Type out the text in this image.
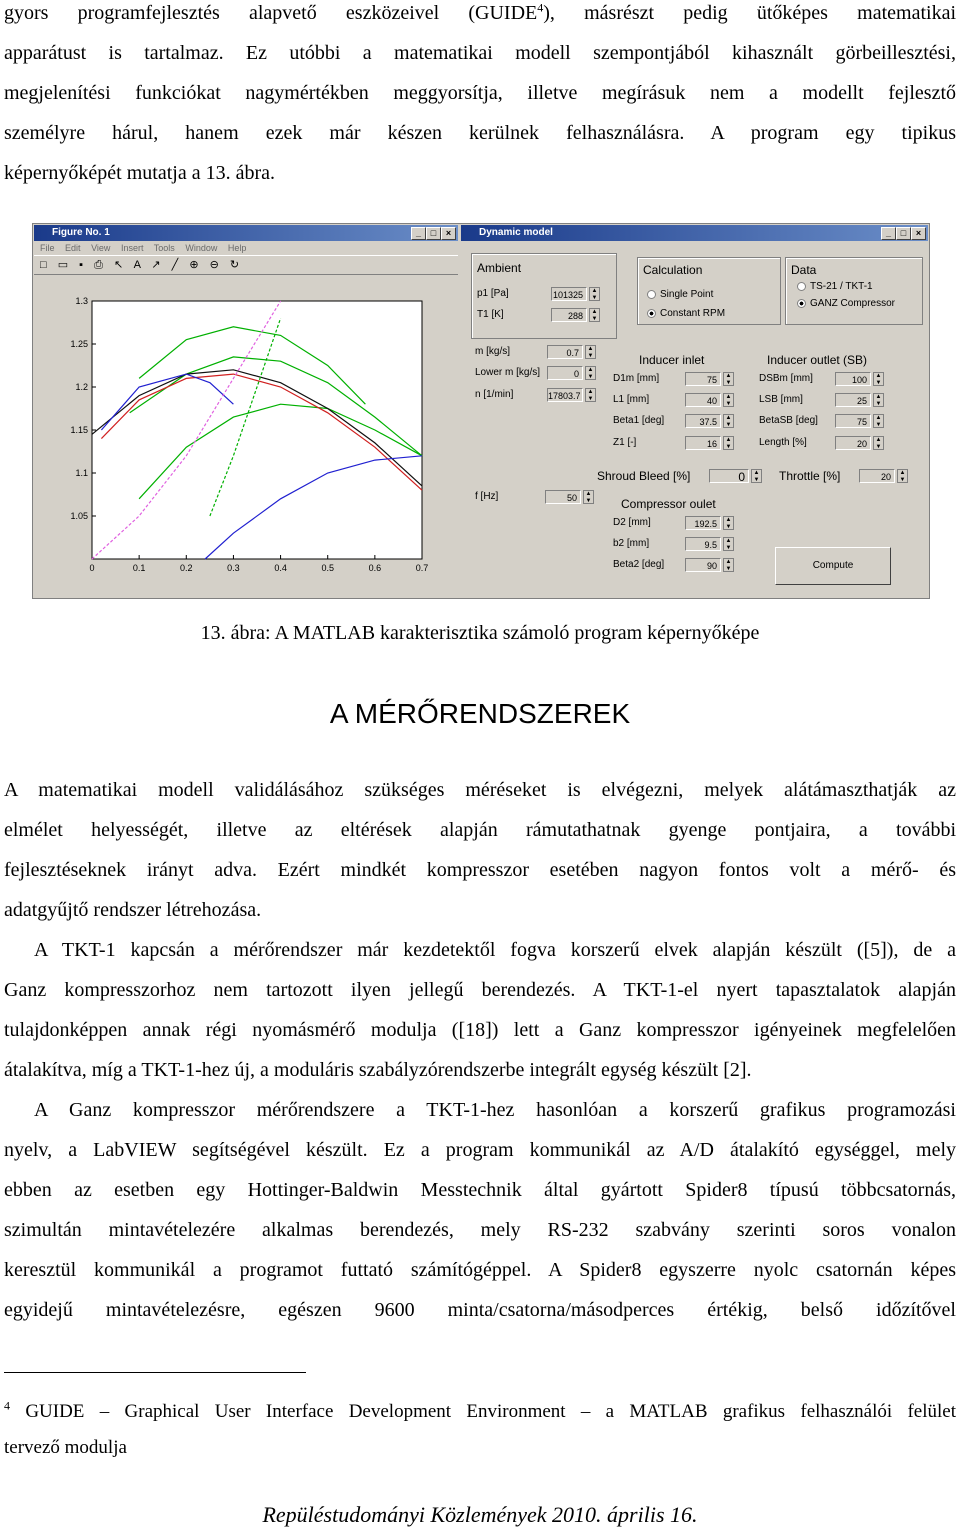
gyors programfejlesztés alapvető eszközeivel (GUIDE$^4$), másrészt pedig ütőképes matematikai
apparátust is tartalmaz. Ez utóbbi a matematikai modell szempontjából kihasznált görbeillesztési,
megjelenítési funkciókat nagymértékben meggyorsítja, illetve megírásuk nem a modellt fejlesztő
személyre hárul, hanem ezek már készen kerülnek felhasználásra. A program egy tipikus
képernyőképét mutatja a 13. ábra.
Figure No. 1	_	□	×
File Edit View Insert Tools Window Help
□ ▭ ▪ ⎙ ↖ A ↗ ╱ ⊕ ⊖ ↻
0	0.1	0.2	0.3	0.4	0.5	0.6	0.7
1.05
1.1
1.15
1.2
1.25
1.3
Dynamic model	_	□	×
Ambient
p1 [Pa]	101325	▲
▼
T1 [K]	288	▲
▼
Calculation
Single Point
Constant RPM
Data
TS-21 / TKT-1
GANZ Compressor
m [kg/s]	0.7	▲
▼
Lower m [kg/s]	0	▲
▼
n [1/min]	17803.7	▲
▼
Inducer inlet
D1m [mm]	75	▲
▼
L1 [mm]	40	▲
▼
Beta1 [deg]	37.5	▲
▼
Z1 [-]	16	▲
▼
Inducer outlet (SB)
DSBm [mm]	100	▲
▼
LSB [mm]	25	▲
▼
BetaSB [deg]	75	▲
▼
Length [%]	20	▲
▼
Shroud Bleed [%]	0	▲
▼ Throttle [%]	20	▲
▼
f [Hz]	50	▲
▼ Compressor oulet
D2 [mm]	192.5	▲
▼
b2 [mm]	9.5	▲
▼
Beta2 [deg]	90	▲
▼	Compute
13. ábra: A MATLAB karakterisztika számoló program képernyőképe
A MÉRŐRENDSZEREK
A matematikai modell validálásához szükséges méréseket is elvégezni, melyek alátámaszthatják az
elmélet helyességét, illetve az eltérések alapján rámutathatnak gyenge pontjaira, a további
fejlesztéseknek irányt adva. Ezért mindkét kompresszor esetében nagyon fontos volt a mérő- és
adatgyűjtő rendszer létrehozása.
A TKT-1 kapcsán a mérőrendszer már kezdetektől fogva korszerű elvek alapján készült ([5]), de a
Ganz kompresszorhoz nem tartozott ilyen jellegű berendezés. A TKT-1-el nyert tapasztalatok alapján
tulajdonképpen annak régi nyomásmérő modulja ([18]) lett a Ganz kompresszor igényeinek megfelelően
átalakítva, míg a TKT-1-hez új, a moduláris szabályzórendszerbe integrált egység készült [2].
A Ganz kompresszor mérőrendszere a TKT-1-hez hasonlóan a korszerű grafikus programozási
nyelv, a LabVIEW segítségével készült. Ez a program kommunikál az A/D átalakító egységgel, mely
ebben az esetben egy Hottinger-Baldwin Messtechnik által gyártott Spider8 típusú többcsatornás,
szimultán mintavételezére alkalmas berendezés, mely RS-232 szabvány szerinti soros vonalon
keresztül kommunikál a programot futtató számítógéppel. A Spider8 egyszerre nyolc csatornán képes
egyidejű mintavételezésre, egészen 9600 minta/csatorna/másodperces értékig, belső időzítővel
$^4$ GUIDE – Graphical User Interface Development Environment – a MATLAB grafikus felhasználói felület
tervező modulja
Repüléstudományi Közlemények 2010. április 16.
